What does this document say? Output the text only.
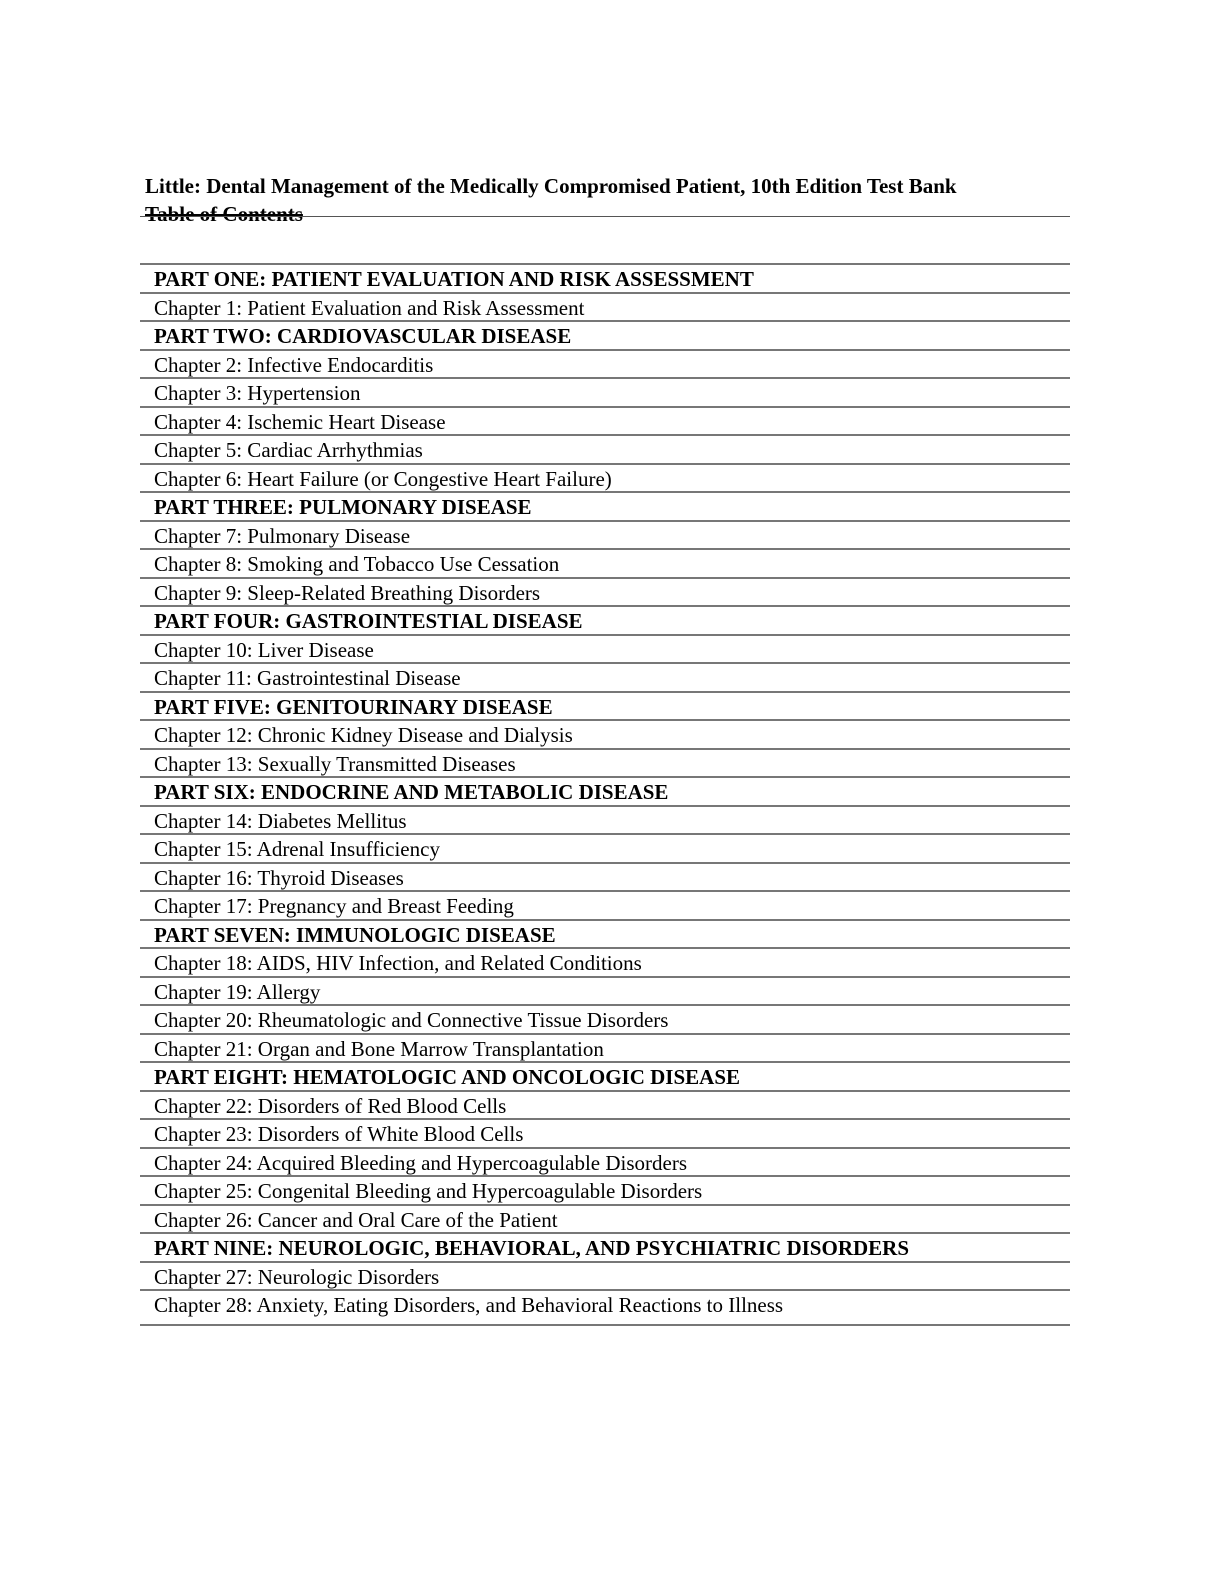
Little: Dental Management of the Medically Compromised Patient, 10th Edition Test Bank
Table of Contents
PART ONE: PATIENT EVALUATION AND RISK ASSESSMENT
Chapter 1: Patient Evaluation and Risk Assessment
PART TWO: CARDIOVASCULAR DISEASE
Chapter 2: Infective Endocarditis
Chapter 3: Hypertension
Chapter 4: Ischemic Heart Disease
Chapter 5: Cardiac Arrhythmias
Chapter 6: Heart Failure (or Congestive Heart Failure)
PART THREE: PULMONARY DISEASE
Chapter 7: Pulmonary Disease
Chapter 8: Smoking and Tobacco Use Cessation
Chapter 9: Sleep-Related Breathing Disorders
PART FOUR: GASTROINTESTIAL DISEASE
Chapter 10: Liver Disease
Chapter 11: Gastrointestinal Disease
PART FIVE: GENITOURINARY DISEASE
Chapter 12: Chronic Kidney Disease and Dialysis
Chapter 13: Sexually Transmitted Diseases
PART SIX: ENDOCRINE AND METABOLIC DISEASE
Chapter 14: Diabetes Mellitus
Chapter 15: Adrenal Insufficiency
Chapter 16: Thyroid Diseases
Chapter 17: Pregnancy and Breast Feeding
PART SEVEN: IMMUNOLOGIC DISEASE
Chapter 18: AIDS, HIV Infection, and Related Conditions
Chapter 19: Allergy
Chapter 20: Rheumatologic and Connective Tissue Disorders
Chapter 21: Organ and Bone Marrow Transplantation
PART EIGHT: HEMATOLOGIC AND ONCOLOGIC DISEASE
Chapter 22: Disorders of Red Blood Cells
Chapter 23: Disorders of White Blood Cells
Chapter 24: Acquired Bleeding and Hypercoagulable Disorders
Chapter 25: Congenital Bleeding and Hypercoagulable Disorders
Chapter 26: Cancer and Oral Care of the Patient
PART NINE: NEUROLOGIC, BEHAVIORAL, AND PSYCHIATRIC DISORDERS
Chapter 27: Neurologic Disorders
Chapter 28: Anxiety, Eating Disorders, and Behavioral Reactions to Illness
